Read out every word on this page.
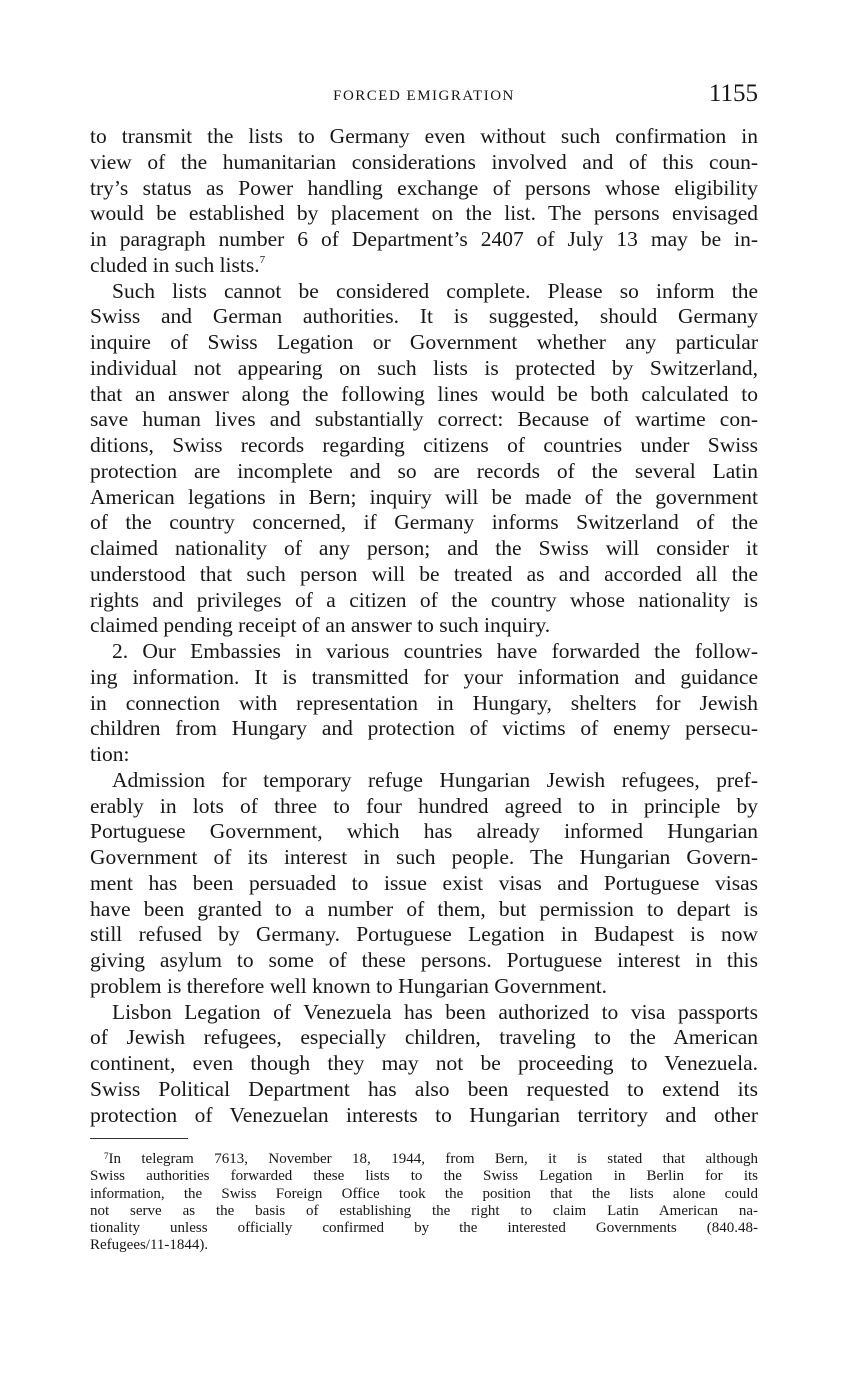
FORCED EMIGRATION	1155
to transmit the lists to Germany even without such confirmation in
view of the humanitarian considerations involved and of this coun-
try’s status as Power handling exchange of persons whose eligibility
would be established by placement on the list. The persons envisaged
in paragraph number 6 of Department’s 2407 of July 13 may be in-
cluded in such lists.$^7$
Such lists cannot be considered complete. Please so inform the
Swiss and German authorities. It is suggested, should Germany
inquire of Swiss Legation or Government whether any particular
individual not appearing on such lists is protected by Switzerland,
that an answer along the following lines would be both calculated to
save human lives and substantially correct: Because of wartime con-
ditions, Swiss records regarding citizens of countries under Swiss
protection are incomplete and so are records of the several Latin
American legations in Bern; inquiry will be made of the government
of the country concerned, if Germany informs Switzerland of the
claimed nationality of any person; and the Swiss will consider it
understood that such person will be treated as and accorded all the
rights and privileges of a citizen of the country whose nationality is
claimed pending receipt of an answer to such inquiry.
2. Our Embassies in various countries have forwarded the follow-
ing information. It is transmitted for your information and guidance
in connection with representation in Hungary, shelters for Jewish
children from Hungary and protection of victims of enemy persecu-
tion:
Admission for temporary refuge Hungarian Jewish refugees, pref-
erably in lots of three to four hundred agreed to in principle by
Portuguese Government, which has already informed Hungarian
Government of its interest in such people. The Hungarian Govern-
ment has been persuaded to issue exist visas and Portuguese visas
have been granted to a number of them, but permission to depart is
still refused by Germany. Portuguese Legation in Budapest is now
giving asylum to some of these persons. Portuguese interest in this
problem is therefore well known to Hungarian Government.
Lisbon Legation of Venezuela has been authorized to visa passports
of Jewish refugees, especially children, traveling to the American
continent, even though they may not be proceeding to Venezuela.
Swiss Political Department has also been requested to extend its
protection of Venezuelan interests to Hungarian territory and other
$^7$In telegram 7613, November 18, 1944, from Bern, it is stated that although
Swiss authorities forwarded these lists to the Swiss Legation in Berlin for its
information, the Swiss Foreign Office took the position that the lists alone could
not serve as the basis of establishing the right to claim Latin American na-
tionality unless officially confirmed by the interested Governments (840.48-
Refugees/11-1844).
